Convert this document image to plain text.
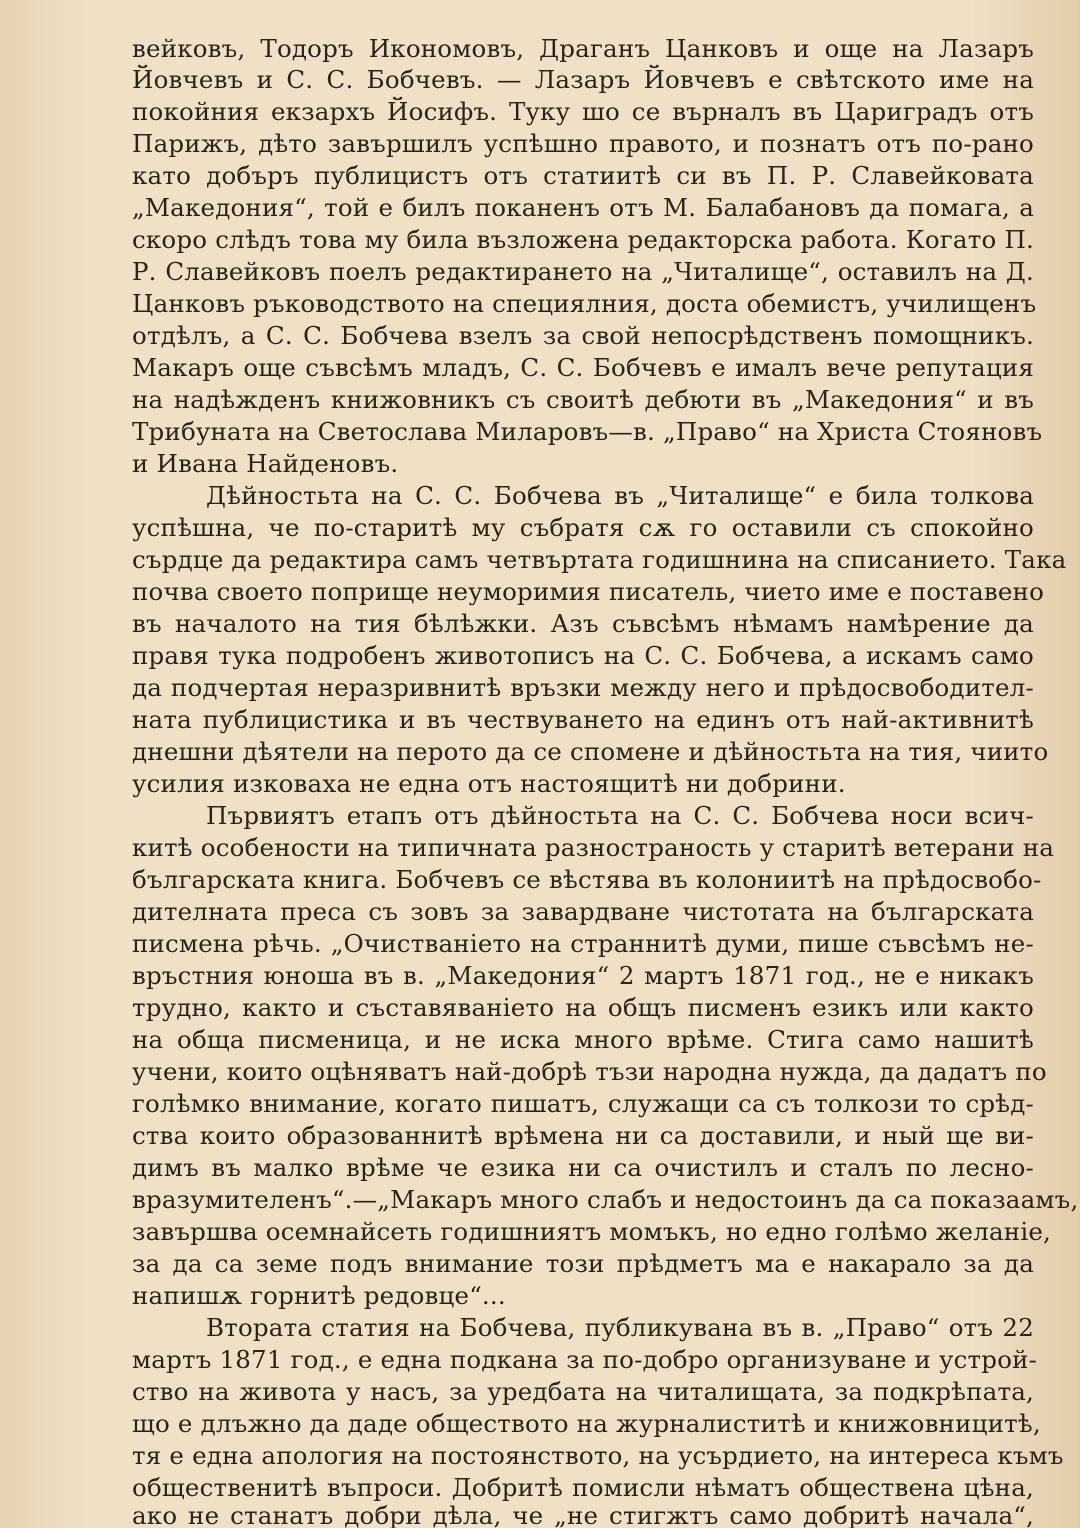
вейковъ, Тодоръ Икономовъ, Драганъ Цанковъ и още на Лазаръ
Йовчевъ и С. С. Бобчевъ. — Лазаръ Йовчевъ е свѣтското име на
покойния екзархъ Йосифъ. Туку шо се върналъ въ Цариградъ отъ
Парижъ, дѣто завършилъ успѣшно правото, и познатъ отъ по-рано
като добъръ публицистъ отъ статиитѣ си въ П. Р. Славейковата
„Македония“, той е билъ поканенъ отъ М. Балабановъ да помага, а
скоро слѣдъ това му била възложена редакторска работа. Когато П.
Р. Славейковъ поелъ редактирането на „Читалище“, оставилъ на Д.
Цанковъ ръководството на специялния, доста обемистъ, училищенъ
отдѣлъ, а С. С. Бобчева взелъ за свой непосрѣдственъ помощникъ.
Макаръ още съвсѣмъ младъ, С. С. Бобчевъ е ималъ вече репутация
на надѣжденъ книжовникъ съ своитѣ дебюти въ „Македония“ и въ
Трибуната на Светослава Миларовъ—в. „Право“ на Христа Стояновъ
и Ивана Найденовъ.
Дѣйностьта на С. С. Бобчева въ „Читалище“ е била толкова
успѣшна, че по-старитѣ му събратя сѫ го оставили съ спокойно
сърдце да редактира самъ четвъртата годишнина на списанието. Така
почва своето поприще неуморимия писатель, чието име е поставено
въ началото на тия бѣлѣжки. Азъ съвсѣмъ нѣмамъ намѣрение да
правя тука подробенъ животописъ на С. С. Бобчева, а искамъ само
да подчертая неразривнитѣ връзки между него и прѣдосвободител-
ната публицистика и въ чествуването на единъ отъ най-активнитѣ
днешни дѣятели на перото да се спомене и дѣйностьта на тия, чиито
усилия изковаха не една отъ настоящитѣ ни добрини.
Първиятъ етапъ отъ дѣйностьта на С. С. Бобчева носи всич-
китѣ особености на типичната разностраность у старитѣ ветерани на
българската книга. Бобчевъ се вѣстява въ колониитѣ на прѣдосвобо-
дителната преса съ зовъ за завардване чистотата на българската
писмена рѣчь. „Очистванiето на страннитѣ думи, пише съвсѣмъ не-
връстния юноша въ в. „Македония“ 2 мартъ 1871 год., не е никакъ
трудно, както и съставяванiето на общъ писменъ езикъ или както
на обща писменица, и не иска много врѣме. Стига само нашитѣ
учени, които оцѣняватъ най-добрѣ тъзи народна нужда, да дадатъ по
голѣмко внимание, когато пишатъ, служащи са съ толкози то срѣд-
ства които образованнитѣ врѣмена ни са доставили, и ный ще ви-
димъ въ малко врѣме че езика ни са очистилъ и сталъ по лесно-
вразумителенъ“.—„Макаръ много слабъ и недостоинъ да са показаамъ,
завършва осемнайсеть годишниятъ момъкъ, но едно голѣмо желанiе,
за да са земе подъ внимание този прѣдметъ ма е накарало за да
напишѫ горнитѣ редовце“...
Втората статия на Бобчева, публикувана въ в. „Право“ отъ 22
мартъ 1871 год., е една подкана за по-добро организуване и устрой-
ство на живота у насъ, за уредбата на читалищата, за подкрѣпата,
що е длъжно да даде обществото на журналиститѣ и книжовницитѣ,
тя е една апология на постоянството, на усърдието, на интереса къмъ
общественитѣ въпроси. Добритѣ помисли нѣматъ обществена цѣна,
ако не станатъ добри дѣла, че „не стигжтъ само добритѣ начала“,
